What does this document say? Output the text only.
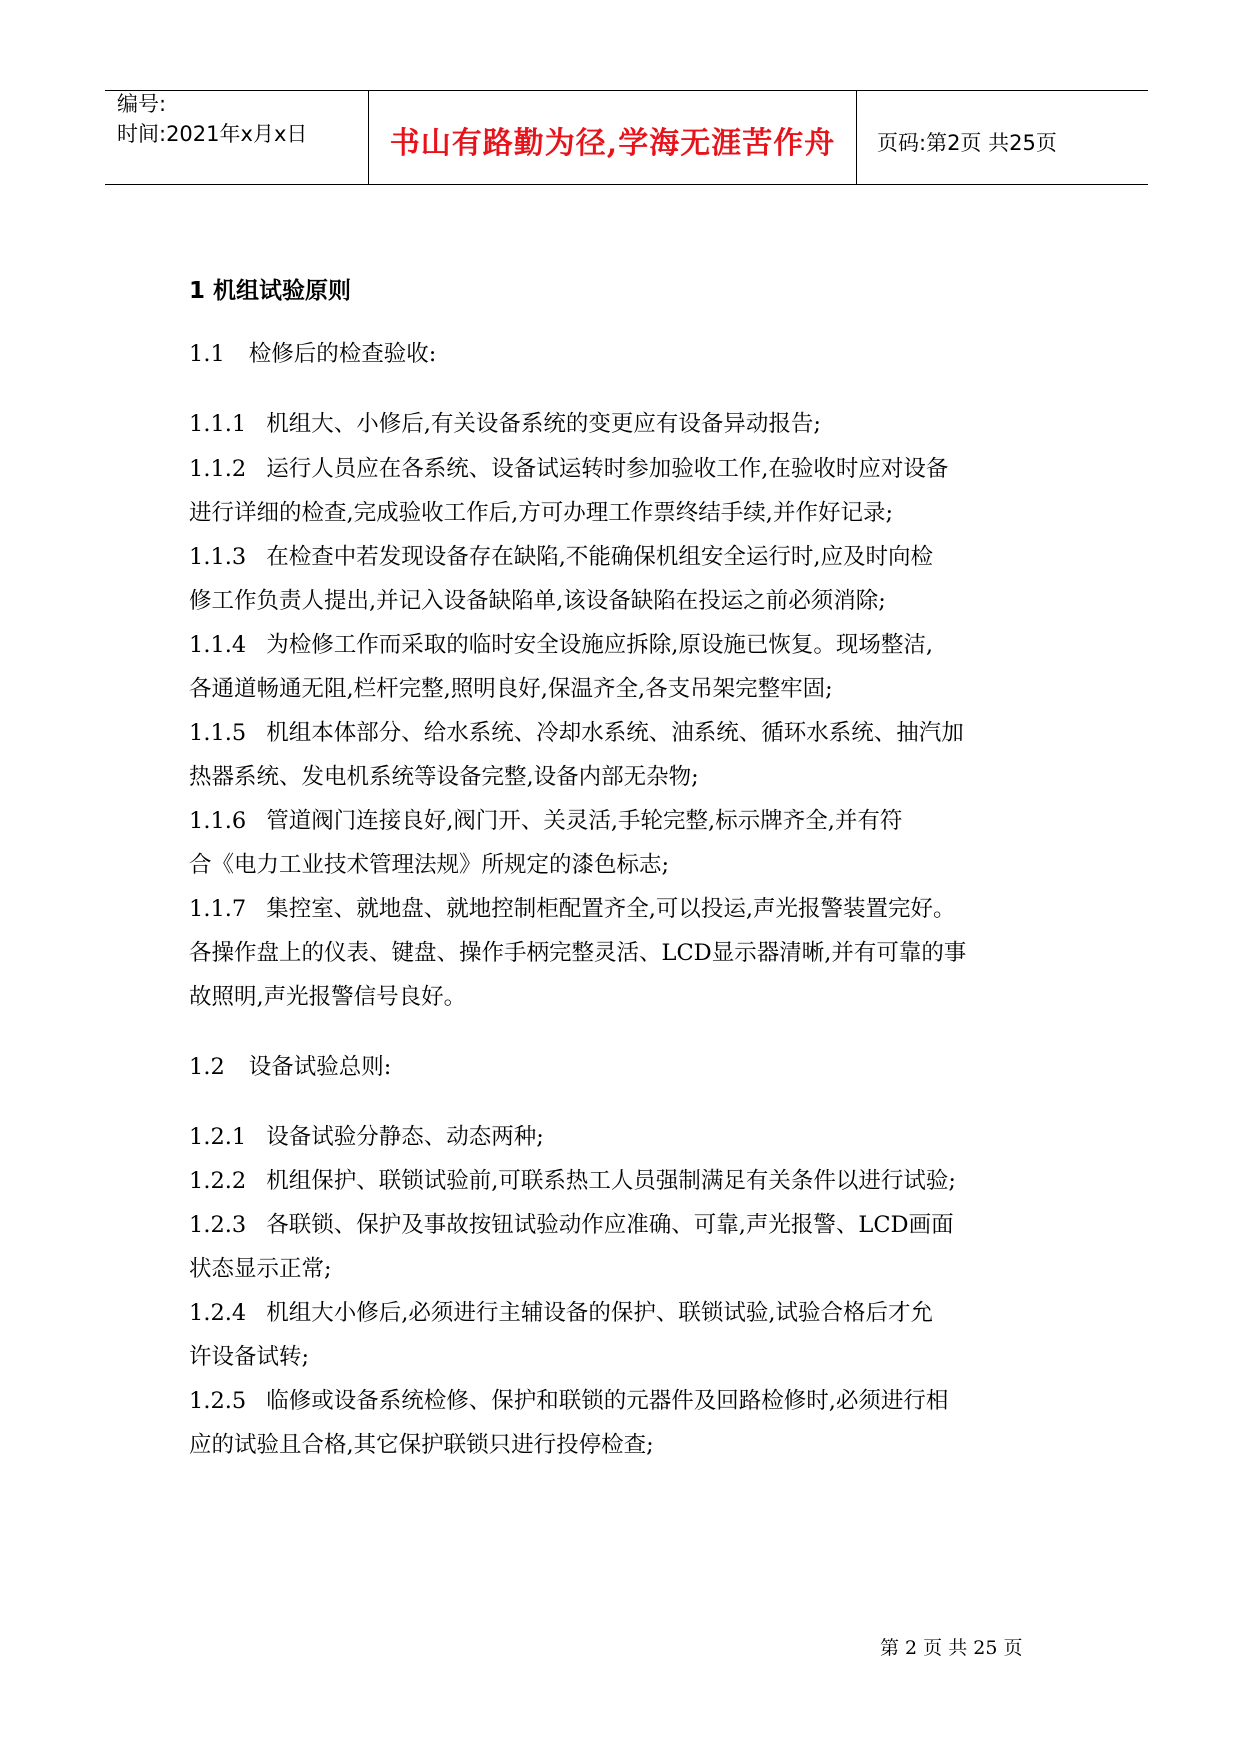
编号:
时间:2021年x月x日	书山有路勤为径,学海无涯苦作舟	页码:第2页 共25页
1 机组试验原则
1.1 检修后的检查验收:
1.1.1 机组大、小修后,有关设备系统的变更应有设备异动报告;
1.1.2 运行人员应在各系统、设备试运转时参加验收工作,在验收时应对设备
进行详细的检查,完成验收工作后,方可办理工作票终结手续,并作好记录;
1.1.3 在检查中若发现设备存在缺陷,不能确保机组安全运行时,应及时向检
修工作负责人提出,并记入设备缺陷单,该设备缺陷在投运之前必须消除;
1.1.4 为检修工作而采取的临时安全设施应拆除,原设施已恢复。现场整洁,
各通道畅通无阻,栏杆完整,照明良好,保温齐全,各支吊架完整牢固;
1.1.5 机组本体部分、给水系统、冷却水系统、油系统、循环水系统、抽汽加
热器系统、发电机系统等设备完整,设备内部无杂物;
1.1.6 管道阀门连接良好,阀门开、关灵活,手轮完整,标示牌齐全,并有符
合《电力工业技术管理法规》所规定的漆色标志;
1.1.7 集控室、就地盘、就地控制柜配置齐全,可以投运,声光报警装置完好。
各操作盘上的仪表、键盘、操作手柄完整灵活、LCD显示器清晰,并有可靠的事
故照明,声光报警信号良好。
1.2 设备试验总则:
1.2.1 设备试验分静态、动态两种;
1.2.2 机组保护、联锁试验前,可联系热工人员强制满足有关条件以进行试验;
1.2.3 各联锁、保护及事故按钮试验动作应准确、可靠,声光报警、LCD画面
状态显示正常;
1.2.4 机组大小修后,必须进行主辅设备的保护、联锁试验,试验合格后才允
许设备试转;
1.2.5 临修或设备系统检修、保护和联锁的元器件及回路检修时,必须进行相
应的试验且合格,其它保护联锁只进行投停检查;
第 2 页 共 25 页
